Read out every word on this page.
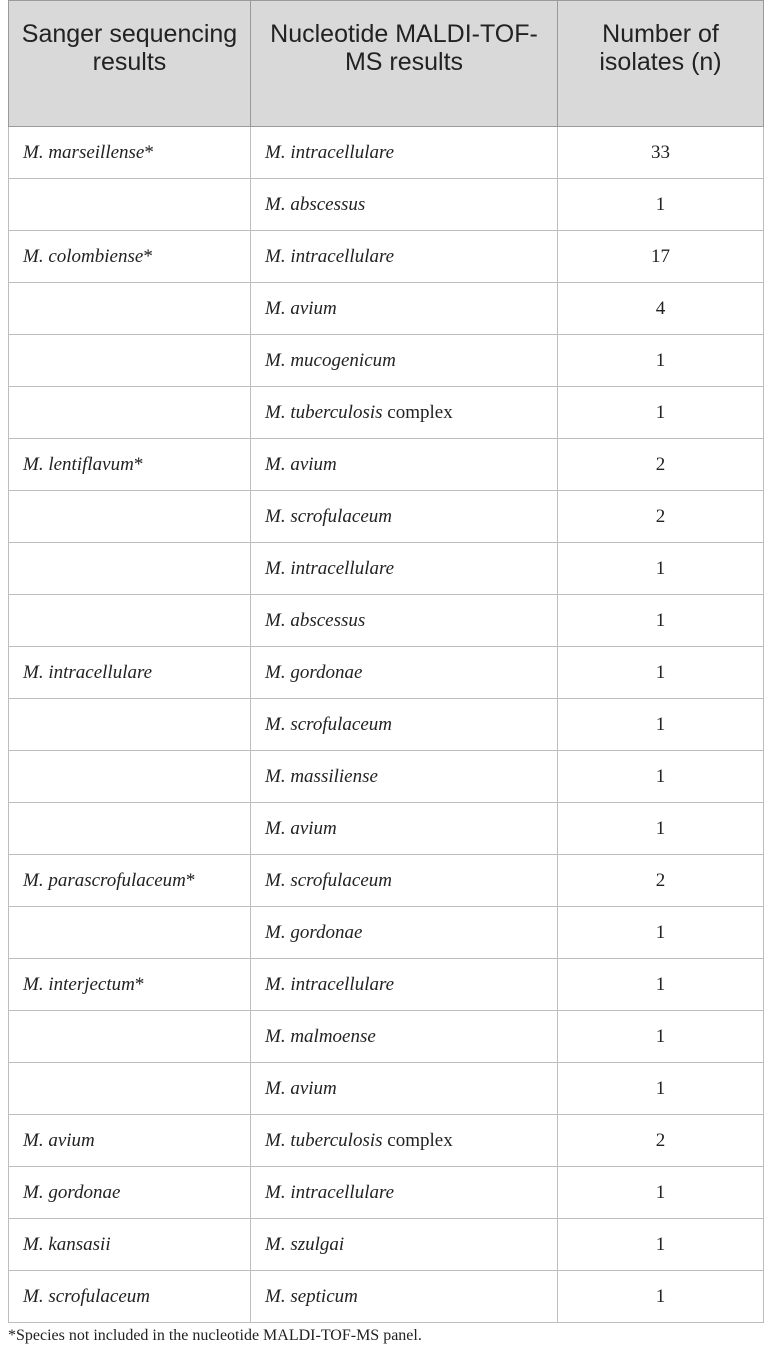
Sanger sequencing results	Nucleotide MALDI-TOF-MS results	Number of isolates (n)
M. marseillense*	M. intracellulare	33
	M. abscessus	1
M. colombiense*	M. intracellulare	17
	M. avium	4
	M. mucogenicum	1
	M. tuberculosis complex	1
M. lentiflavum*	M. avium	2
	M. scrofulaceum	2
	M. intracellulare	1
	M. abscessus	1
M. intracellulare	M. gordonae	1
	M. scrofulaceum	1
	M. massiliense	1
	M. avium	1
M. parascrofulaceum*	M. scrofulaceum	2
	M. gordonae	1
M. interjectum*	M. intracellulare	1
	M. malmoense	1
	M. avium	1
M. avium	M. tuberculosis complex	2
M. gordonae	M. intracellulare	1
M. kansasii	M. szulgai	1
M. scrofulaceum	M. septicum	1

*Species not included in the nucleotide MALDI-TOF-MS panel.
